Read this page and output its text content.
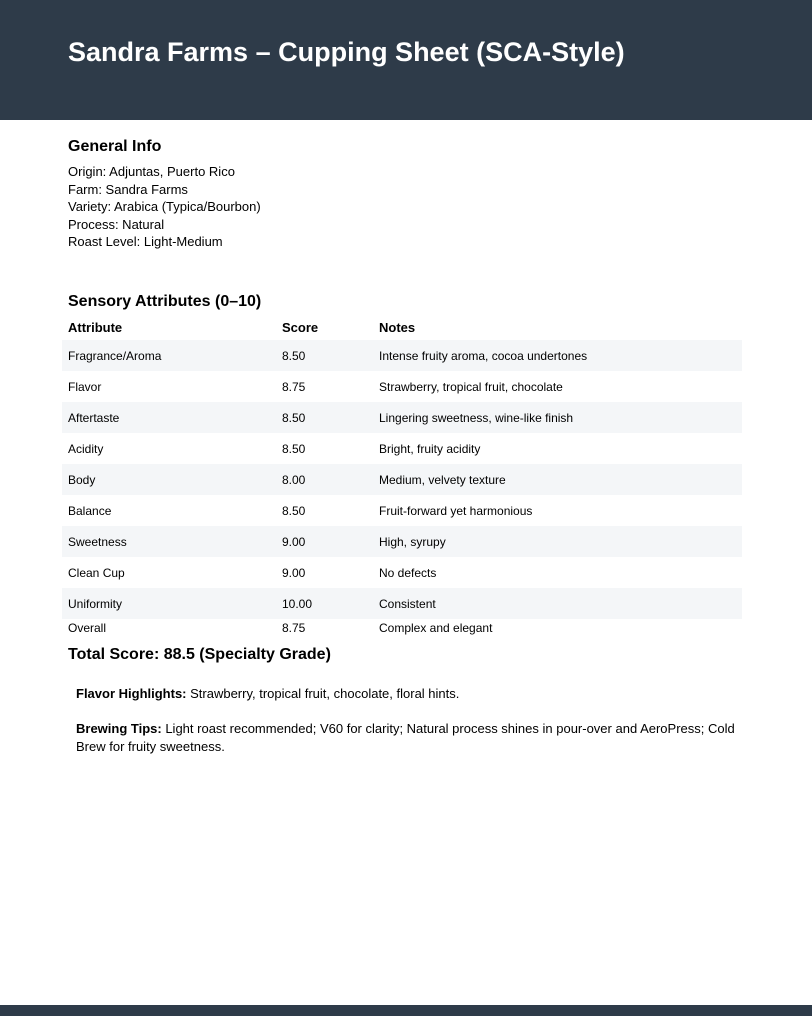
Sandra Farms – Cupping Sheet (SCA-Style)
General Info
Origin: Adjuntas, Puerto Rico
Farm: Sandra Farms
Variety: Arabica (Typica/Bourbon)
Process: Natural
Roast Level: Light-Medium
Sensory Attributes (0–10)
Attribute	Score	Notes
Fragrance/Aroma	8.50	Intense fruity aroma, cocoa undertones
Flavor	8.75	Strawberry, tropical fruit, chocolate
Aftertaste	8.50	Lingering sweetness, wine-like finish
Acidity	8.50	Bright, fruity acidity
Body	8.00	Medium, velvety texture
Balance	8.50	Fruit-forward yet harmonious
Sweetness	9.00	High, syrupy
Clean Cup	9.00	No defects
Uniformity	10.00	Consistent
Overall	8.75	Complex and elegant
Total Score: 88.5 (Specialty Grade)

Flavor Highlights: Strawberry, tropical fruit, chocolate, floral hints.

Brewing Tips: Light roast recommended; V60 for clarity; Natural process shines in pour-over and AeroPress; Cold Brew for fruity sweetness.
